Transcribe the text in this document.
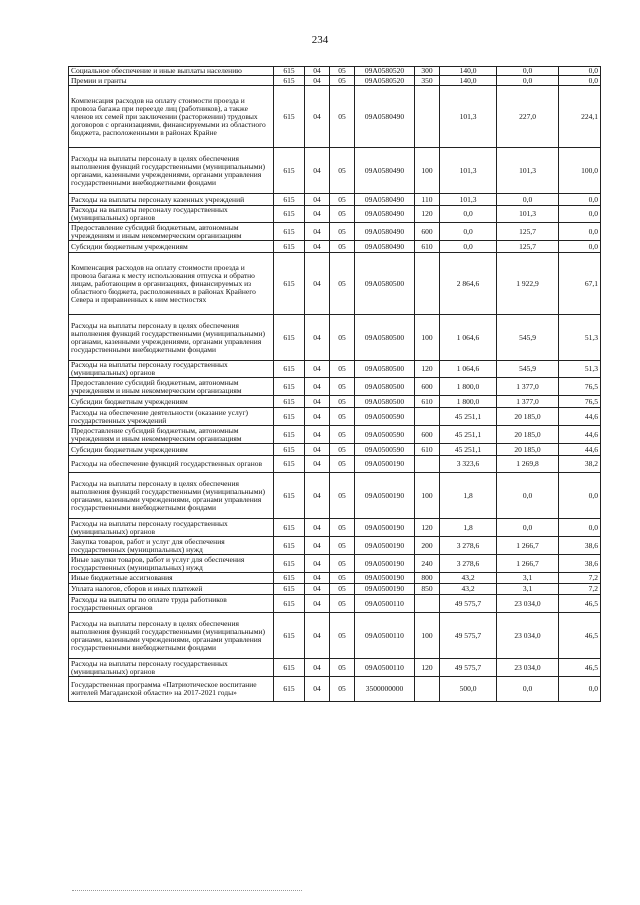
234
Социальное обеспечение и иные выплаты населению	615	04	05	09А0580520	300	140,0	0,0	0,0
Премии и гранты	615	04	05	09А0580520	350	140,0	0,0	0,0
Компенсация расходов на оплату стоимости проезда и провоза багажа при переезде лиц (работников), а также членов их семей при заключении (расторжении) трудовых договоров с организациями, финансируемыми из областного бюджета, расположенными в районах Крайне	615	04	05	09А0580490		101,3	227,0	224,1
Расходы на выплаты персоналу в целях обеспечения выполнения функций государственными (муниципальными) органами, казенными учреждениями, органами управления государственными внебюджетными фондами	615	04	05	09А0580490	100	101,3	101,3	100,0
Расходы на выплаты персоналу казенных учреждений	615	04	05	09А0580490	110	101,3	0,0	0,0
Расходы на выплаты персоналу государственных (муниципальных) органов	615	04	05	09А0580490	120	0,0	101,3	0,0
Предоставление субсидий бюджетным, автономным учреждениям и иным некоммерческим организациям	615	04	05	09А0580490	600	0,0	125,7	0,0
Субсидии бюджетным учреждениям	615	04	05	09А0580490	610	0,0	125,7	0,0
Компенсация расходов на оплату стоимости проезда и провоза багажа к месту использования отпуска и обратно лицам, работающим в организациях, финансируемых из областного бюджета, расположенных в районах Крайнего Севера и приравненных к ним местностях	615	04	05	09А0580500		2 864,6	1 922,9	67,1
Расходы на выплаты персоналу в целях обеспечения выполнения функций государственными (муниципальными) органами, казенными учреждениями, органами управления государственными внебюджетными фондами	615	04	05	09А0580500	100	1 064,6	545,9	51,3
Расходы на выплаты персоналу государственных (муниципальных) органов	615	04	05	09А0580500	120	1 064,6	545,9	51,3
Предоставление субсидий бюджетным, автономным учреждениям и иным некоммерческим организациям	615	04	05	09А0580500	600	1 800,0	1 377,0	76,5
Субсидии бюджетным учреждениям	615	04	05	09А0580500	610	1 800,0	1 377,0	76,5
Расходы на обеспечение деятельности (оказание услуг) государственных учреждений	615	04	05	09А0500590		45 251,1	20 185,0	44,6
Предоставление субсидий бюджетным, автономным учреждениям и иным некоммерческим организациям	615	04	05	09А0500590	600	45 251,1	20 185,0	44,6
Субсидии бюджетным учреждениям	615	04	05	09А0500590	610	45 251,1	20 185,0	44,6
Расходы на обеспечение функций государственных органов	615	04	05	09А0500190		3 323,6	1 269,8	38,2
Расходы на выплаты персоналу в целях обеспечения выполнения функций государственными (муниципальными) органами, казенными учреждениями, органами управления государственными внебюджетными фондами	615	04	05	09А0500190	100	1,8	0,0	0,0
Расходы на выплаты персоналу государственных (муниципальных) органов	615	04	05	09А0500190	120	1,8	0,0	0,0
Закупка товаров, работ и услуг для обеспечения государственных (муниципальных) нужд	615	04	05	09А0500190	200	3 278,6	1 266,7	38,6
Иные закупки товаров, работ и услуг для обеспечения государственных (муниципальных) нужд	615	04	05	09А0500190	240	3 278,6	1 266,7	38,6
Иные бюджетные ассигнования	615	04	05	09А0500190	800	43,2	3,1	7,2
Уплата налогов, сборов и иных платежей	615	04	05	09А0500190	850	43,2	3,1	7,2
Расходы на выплаты по оплате труда работников государственных органов	615	04	05	09А0500110		49 575,7	23 034,0	46,5
Расходы на выплаты персоналу в целях обеспечения выполнения функций государственными (муниципальными) органами, казенными учреждениями, органами управления государственными внебюджетными фондами	615	04	05	09А0500110	100	49 575,7	23 034,0	46,5
Расходы на выплаты персоналу государственных (муниципальных) органов	615	04	05	09А0500110	120	49 575,7	23 034,0	46,5
Государственная программа «Патриотическое воспитание жителей Магаданской области» на 2017-2021 годы»	615	04	05	3500000000		500,0	0,0	0,0
